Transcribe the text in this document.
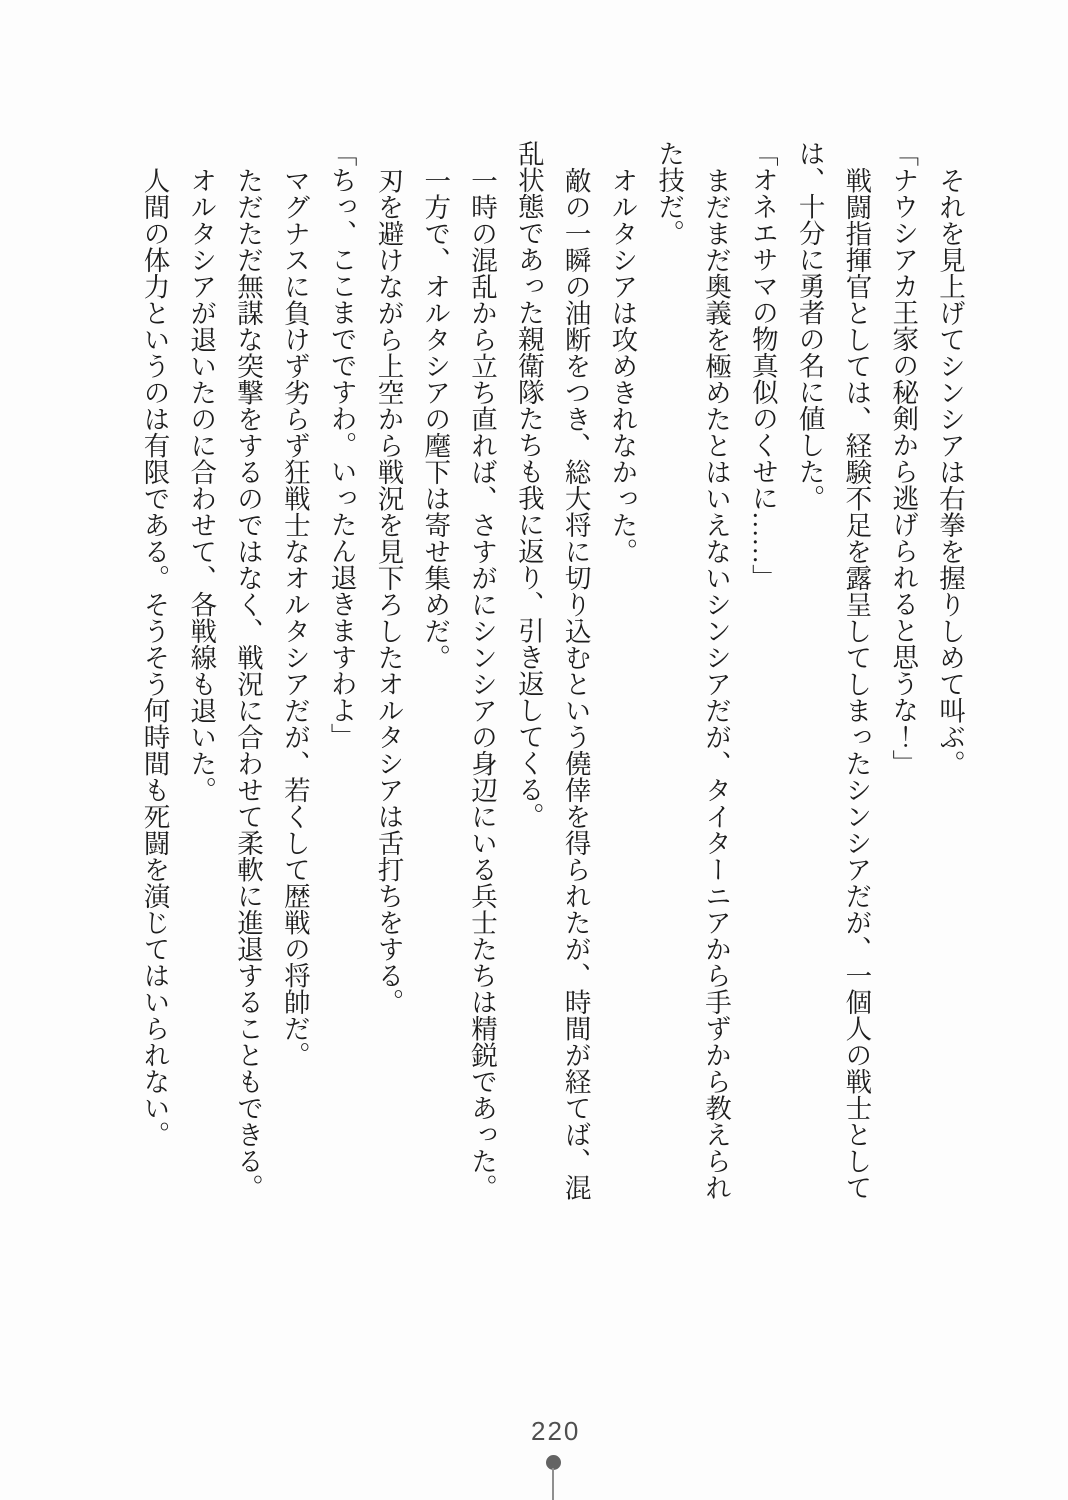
それを見上げてシンシアは右拳を握りしめて叫ぶ。

「ナウシアカ王家の秘剣から逃げられると思うな！」

戦闘指揮官としては、経験不足を露呈してしまったシンシアだが、一個人の戦士として

は、十分に勇者の名に値した。

「オネエサマの物真似のくせに……」

まだまだ奥義を極めたとはいえないシンシアだが、タイターニアから手ずから教えられ

た技だ。

オルタシアは攻めきれなかった。

敵の一瞬の油断をつき、総大将に切り込むという僥倖を得られたが、時間が経てば、混

乱状態であった親衛隊たちも我に返り、引き返してくる。

一時の混乱から立ち直れば、さすがにシンシアの身辺にいる兵士たちは精鋭であった。

一方で、オルタシアの麾下は寄せ集めだ。

刃を避けながら上空から戦況を見下ろしたオルタシアは舌打ちをする。

「ちっ、ここまでですわ。いったん退きますわよ」

マグナスに負けず劣らず狂戦士なオルタシアだが、若くして歴戦の将帥だ。

ただただ無謀な突撃をするのではなく、戦況に合わせて柔軟に進退することもできる。

オルタシアが退いたのに合わせて、各戦線も退いた。

人間の体力というのは有限である。そうそう何時間も死闘を演じてはいられない。

220
